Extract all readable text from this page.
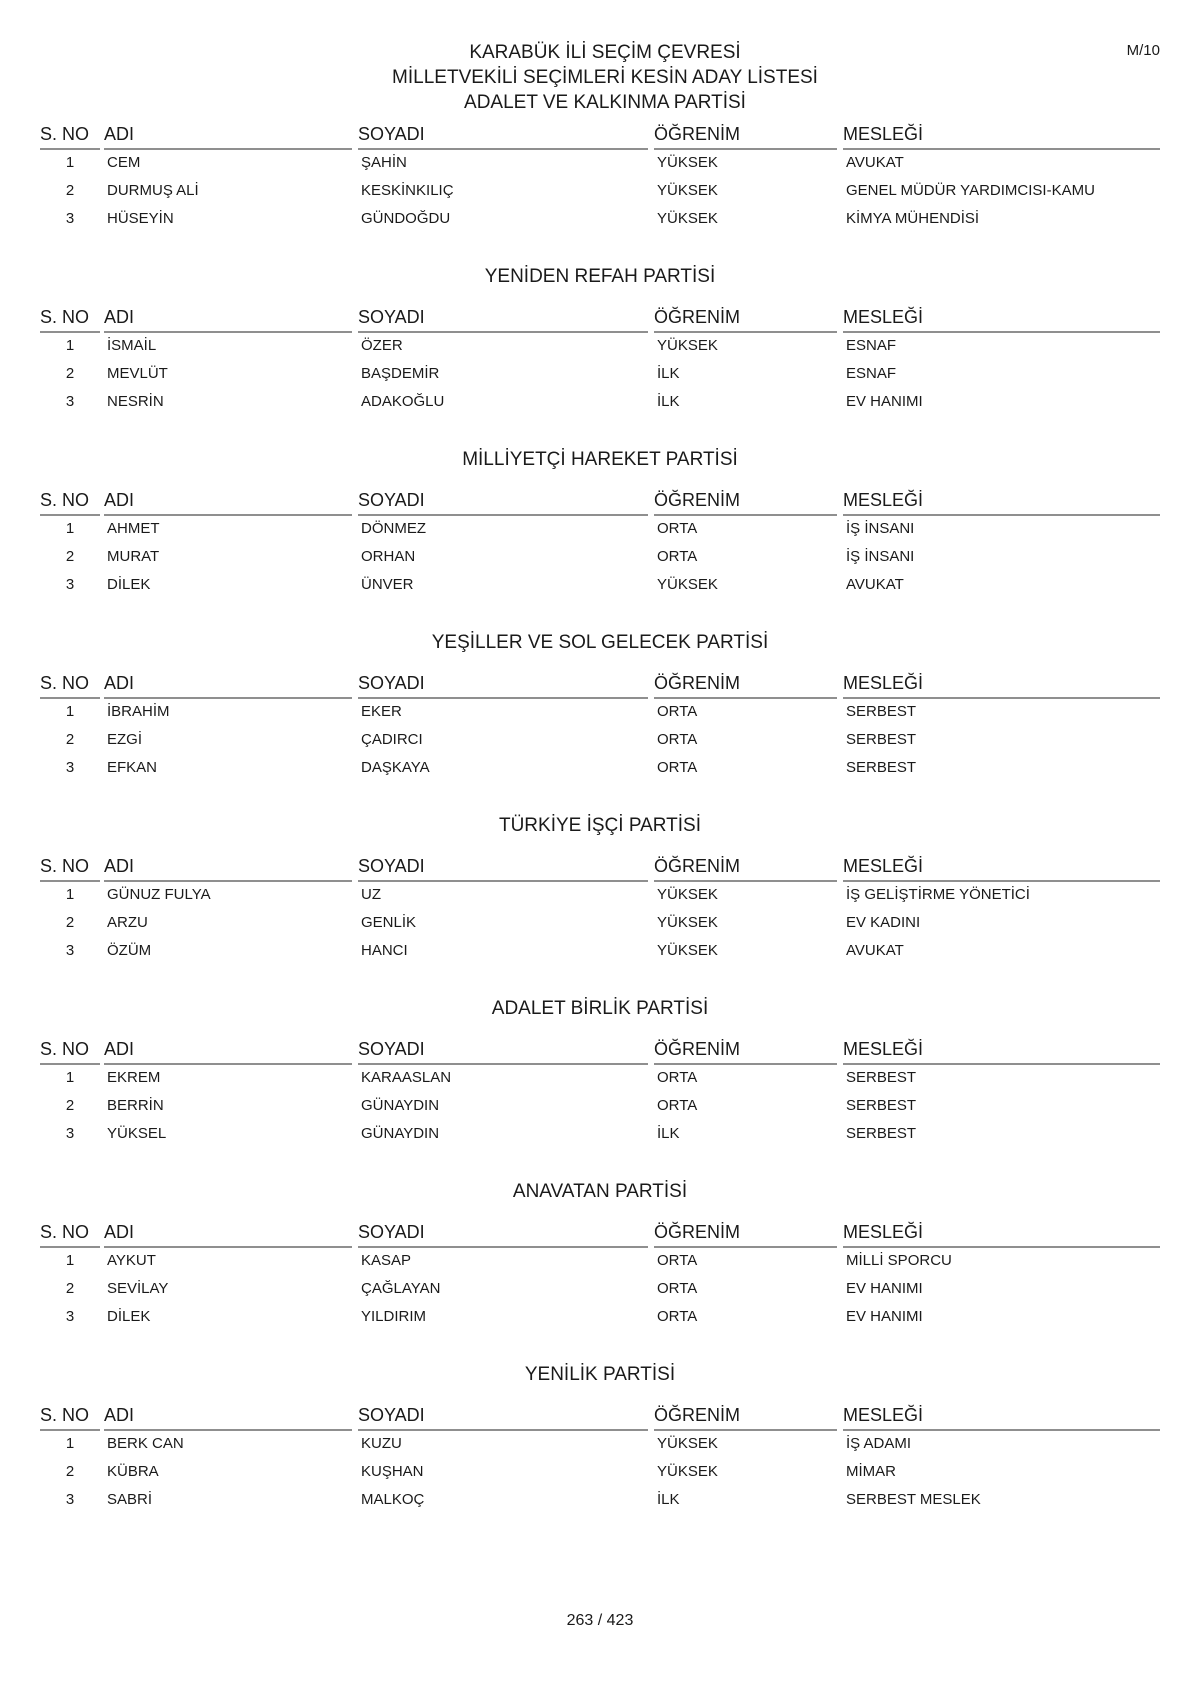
M/10
KARABÜK İLİ SEÇİM ÇEVRESİ
MİLLETVEKİLİ SEÇİMLERİ KESİN ADAY LİSTESİ
ADALET VE KALKINMA PARTİSİ
S. NO ADI	SOYADI	ÖĞRENİM	MESLEĞİ
1	CEM	ŞAHİN	YÜKSEK	AVUKAT
2	DURMUŞ ALİ	KESKİNKILIÇ	YÜKSEK	GENEL MÜDÜR YARDIMCISI-KAMU
3	HÜSEYİN	GÜNDOĞDU	YÜKSEK	KİMYA MÜHENDİSİ
YENİDEN REFAH PARTİSİ
S. NO ADI	SOYADI	ÖĞRENİM	MESLEĞİ
1	İSMAİL	ÖZER	YÜKSEK	ESNAF
2	MEVLÜT	BAŞDEMİR	İLK	ESNAF
3	NESRİN	ADAKOĞLU	İLK	EV HANIMI
MİLLİYETÇİ HAREKET PARTİSİ
S. NO ADI	SOYADI	ÖĞRENİM	MESLEĞİ
1	AHMET	DÖNMEZ	ORTA	İŞ İNSANI
2	MURAT	ORHAN	ORTA	İŞ İNSANI
3	DİLEK	ÜNVER	YÜKSEK	AVUKAT
YEŞİLLER VE SOL GELECEK PARTİSİ
S. NO ADI	SOYADI	ÖĞRENİM	MESLEĞİ
1	İBRAHİM	EKER	ORTA	SERBEST
2	EZGİ	ÇADIRCI	ORTA	SERBEST
3	EFKAN	DAŞKAYA	ORTA	SERBEST
TÜRKİYE İŞÇİ PARTİSİ
S. NO ADI	SOYADI	ÖĞRENİM	MESLEĞİ
1	GÜNUZ FULYA	UZ	YÜKSEK	İŞ GELİŞTİRME YÖNETİCİ
2	ARZU	GENLİK	YÜKSEK	EV KADINI
3	ÖZÜM	HANCI	YÜKSEK	AVUKAT
ADALET BİRLİK PARTİSİ
S. NO ADI	SOYADI	ÖĞRENİM	MESLEĞİ
1	EKREM	KARAASLAN	ORTA	SERBEST
2	BERRİN	GÜNAYDIN	ORTA	SERBEST
3	YÜKSEL	GÜNAYDIN	İLK	SERBEST
ANAVATAN PARTİSİ
S. NO ADI	SOYADI	ÖĞRENİM	MESLEĞİ
1	AYKUT	KASAP	ORTA	MİLLİ SPORCU
2	SEVİLAY	ÇAĞLAYAN	ORTA	EV HANIMI
3	DİLEK	YILDIRIM	ORTA	EV HANIMI
YENİLİK PARTİSİ
S. NO ADI	SOYADI	ÖĞRENİM	MESLEĞİ
1	BERK CAN	KUZU	YÜKSEK	İŞ ADAMI
2	KÜBRA	KUŞHAN	YÜKSEK	MİMAR
3	SABRİ	MALKOÇ	İLK	SERBEST MESLEK
263 / 423
